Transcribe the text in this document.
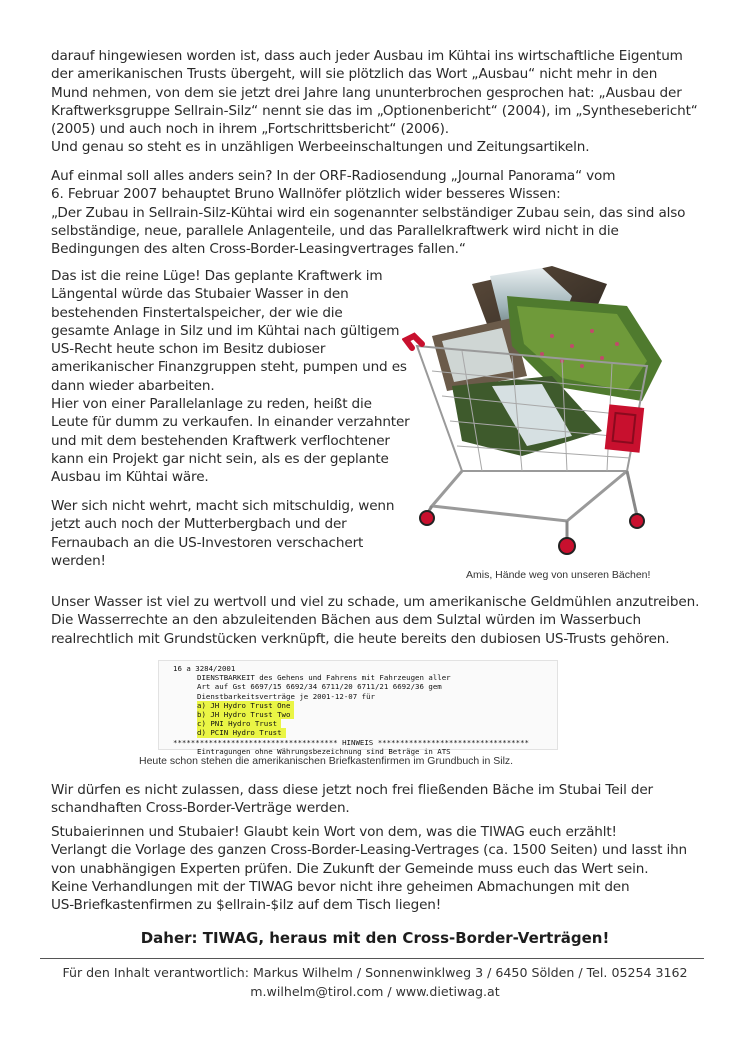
darauf hingewiesen worden ist, dass auch jeder Ausbau im Kühtai ins wirtschaftliche Eigentum
der amerikanischen Trusts übergeht, will sie plötzlich das Wort „Ausbau“ nicht mehr in den
Mund nehmen, von dem sie jetzt drei Jahre lang ununterbrochen gesprochen hat: „Ausbau der
Kraftwerksgruppe Sellrain-Silz“ nennt sie das im „Optionenbericht“ (2004), im „Synthesebericht“
(2005) und auch noch in ihrem „Fortschrittsbericht“ (2006).
Und genau so steht es in unzähligen Werbeeinschaltungen und Zeitungsartikeln.

Auf einmal soll alles anders sein? In der ORF-Radiosendung „Journal Panorama“ vom
6. Februar 2007 behauptet Bruno Wallnöfer plötzlich wider besseres Wissen:
„Der Zubau in Sellrain-Silz-Kühtai wird ein sogenannter selbständiger Zubau sein, das sind also
selbständige, neue, parallele Anlagenteile, und das Parallelkraftwerk wird nicht in die
Bedingungen des alten Cross-Border-Leasingvertrages fallen.“

Das ist die reine Lüge! Das geplante Kraftwerk im
Längental würde das Stubaier Wasser in den
bestehenden Finstertalspeicher, der wie die
gesamte Anlage in Silz und im Kühtai nach gültigem
US-Recht heute schon im Besitz dubioser
amerikanischer Finanzgruppen steht, pumpen und es
dann wieder abarbeiten.
Hier von einer Parallelanlage zu reden, heißt die
Leute für dumm zu verkaufen. In einander verzahnter
und mit dem bestehenden Kraftwerk verflochtener
kann ein Projekt gar nicht sein, als es der geplante
Ausbau im Kühtai wäre.

Wer sich nicht wehrt, macht sich mitschuldig, wenn
jetzt auch noch der Mutterbergbach und der
Fernaubach an die US-Investoren verschachert
werden!

Amis, Hände weg von unseren Bächen!

Unser Wasser ist viel zu wertvoll und viel zu schade, um amerikanische Geldmühlen anzutreiben.
Die Wasserrechte an den abzuleitenden Bächen aus dem Sulztal würden im Wasserbuch
realrechtlich mit Grundstücken verknüpft, die heute bereits den dubiosen US-Trusts gehören.

16 a 3284/2001
DIENSTBARKEIT des Gehens und Fahrens mit Fahrzeugen aller
Art auf Gst 6697/15 6692/34 6711/20 6711/21 6692/36 gem
Dienstbarkeitsverträge je 2001-12-07 für
a) JH Hydro Trust One
b) JH Hydro Trust Two
c) PNI Hydro Trust
d) PCIN Hydro Trust
************************************* HINWEIS **********************************
Eintragungen ohne Währungsbezeichnung sind Beträge in ATS
Heute schon stehen die amerikanischen Briefkastenfirmen im Grundbuch in Silz.

Wir dürfen es nicht zulassen, dass diese jetzt noch frei fließenden Bäche im Stubai Teil der
schandhaften Cross-Border-Verträge werden.

Stubaierinnen und Stubaier! Glaubt kein Wort von dem, was die TIWAG euch erzählt!
Verlangt die Vorlage des ganzen Cross-Border-Leasing-Vertrages (ca. 1500 Seiten) und lasst ihn
von unabhängigen Experten prüfen. Die Zukunft der Gemeinde muss euch das Wert sein.
Keine Verhandlungen mit der TIWAG bevor nicht ihre geheimen Abmachungen mit den
US-Briefkastenfirmen zu $ellrain-$ilz auf dem Tisch liegen!

Daher: TIWAG, heraus mit den Cross-Border-Verträgen!
Für den Inhalt verantwortlich: Markus Wilhelm / Sonnenwinklweg 3 / 6450 Sölden / Tel. 05254 3162
m.wilhelm@tirol.com / www.dietiwag.at
